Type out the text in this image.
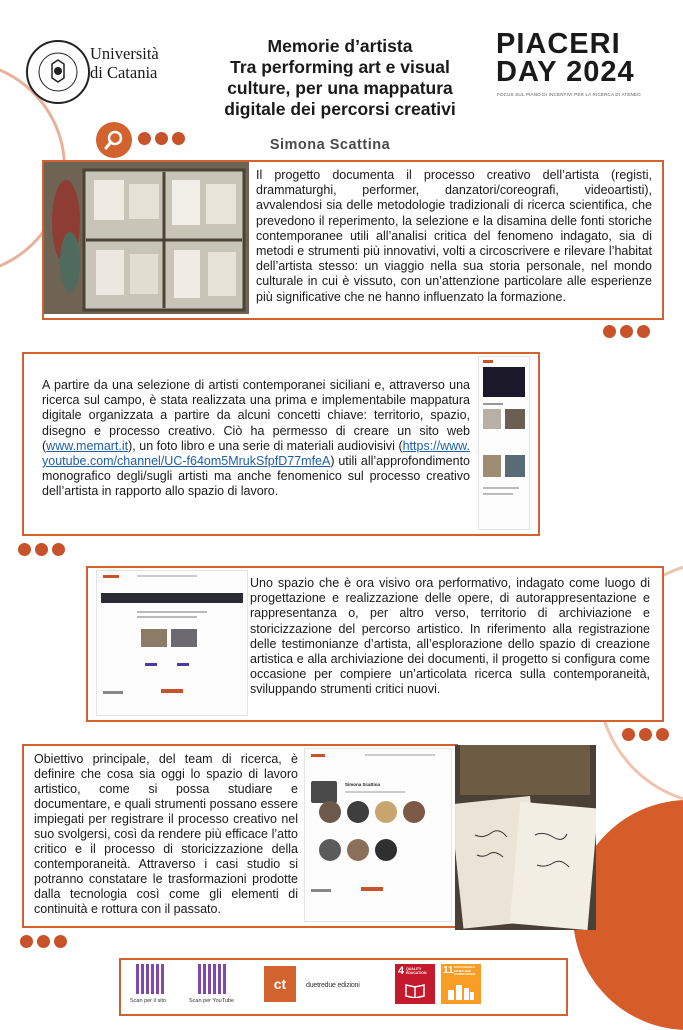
Università
di Catania
Memorie d’artista
Tra performing art e visual
culture, per una mappatura
digitale dei percorsi creativi
PIACERI
DAY 2024
FOCUS SUL PIANO DI INCENTIVI PER LA RICERCA DI ATENEO
Simona Scattina
Il progetto documenta il processo creativo dell’artista (registi, drammaturghi, performer, danzatori/coreografi, videoartisti), avvalendosi sia delle metodologie tradizionali di ricerca scientifica, che prevedono il reperimento, la selezione e la disamina delle fonti storiche contemporanee utili all’analisi critica del fenomeno indagato, sia di metodi e strumenti più innovativi, volti a circoscrivere e rilevare l’habitat dell’artista stesso: un viaggio nella sua storia personale, nel mondo culturale in cui è vissuto, con un’attenzione particolare alle esperienze più significative che ne hanno influenzato la formazione.
A partire da una selezione di artisti contemporanei siciliani e, attraverso una ricerca sul campo, è stata realizzata una prima e implementabile mappatura digitale organizzata a partire da alcuni concetti chiave: territorio, spazio, disegno e processo creativo. Ciò ha permesso di creare un sito web (www.memart.it), un foto libro e una serie di materiali audiovisivi (https://www.youtube.com/channel/UC-f64om5MrukSfpfD77mfeA) utili all’approfondimento monografico degli/sugli artisti ma anche fenomenico sul processo creativo dell’artista in rapporto allo spazio di lavoro.
Uno spazio che è ora visivo ora performativo, indagato come luogo di progettazione e realizzazione delle opere, di autorappresentazione e rappresentanza o, per altro verso, territorio di archiviazione e storicizzazione del percorso artistico. In riferimento alla registrazione delle testimonianze d’artista, all’esplorazione dello spazio di creazione artistica e alla archiviazione dei documenti, il progetto si configura come occasione per compiere un’articolata ricerca sulla contemporaneità, sviluppando strumenti critici nuovi.
Obiettivo principale, del team di ricerca, è definire che cosa sia oggi lo spazio di lavoro artistico, come si possa studiare e documentare, e quali strumenti possano essere impiegati per registrare il processo creativo nel suo svolgersi, così da rendere più efficace l’atto critico e il processo di storicizzazione della contemporaneità. Attraverso i casi studio si potranno constatare le trasformazioni prodotte dalla tecnologia così come gli elementi di continuità e rottura con il passato.
Simona Scattina
Scan per il sito	Scan per YouTube
ct	duetredue edizioni
4 QUALITY EDUCATION	11 SUSTAINABLE CITIES AND COMMUNITIES
